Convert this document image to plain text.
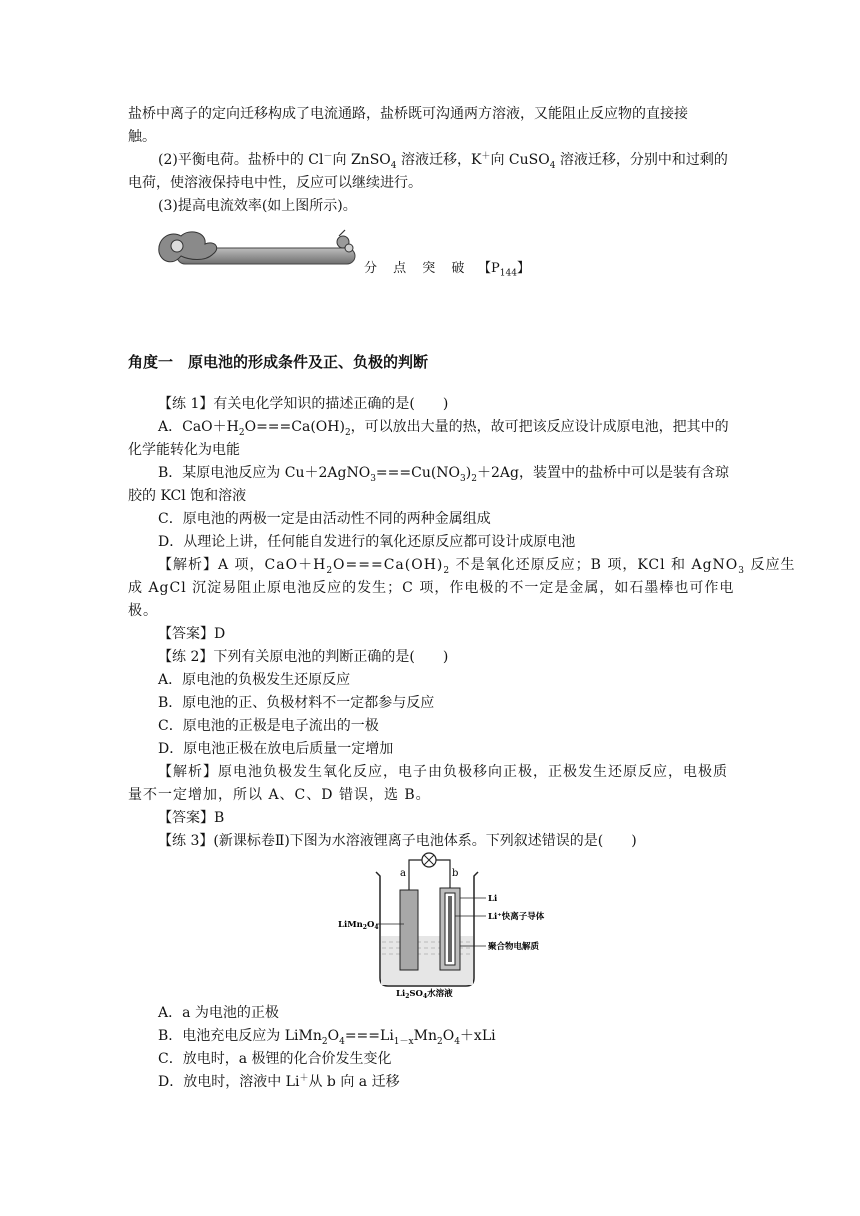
盐桥中离子的定向迁移构成了电流通路，盐桥既可沟通两方溶液，又能阻止反应物的直接接
触。
(2)平衡电荷。盐桥中的 Cl－向 ZnSO$_4$ 溶液迁移，K＋向 CuSO$_4$ 溶液迁移，分别中和过剩的
电荷，使溶液保持电中性，反应可以继续进行。
(3)提高电流效率(如上图所示)。
分 点 突 破 【$P_{144}$】
角度一　原电池的形成条件及正、负极的判断
【练 1】有关电化学知识的描述正确的是(　　)
A．$CaO+H_2O===Ca(OH)_2$，可以放出大量的热，故可把该反应设计成原电池，把其中的
化学能转化为电能
B．某原电池反应为 $Cu+2AgNO_3===Cu(NO_3)_2+2Ag$，装置中的盐桥中可以是装有含琼
胶的 KCl 饱和溶液
C．原电池的两极一定是由活动性不同的两种金属组成
D．从理论上讲，任何能自发进行的氧化还原反应都可设计成原电池
【解析】A 项，$CaO+H_2O===Ca(OH)_2$ 不是氧化还原反应；B 项，KCl 和 AgNO$_3$ 反应生
成 AgCl 沉淀易阻止原电池反应的发生；C 项，作电极的不一定是金属，如石墨棒也可作电
极。
【答案】D
【练 2】下列有关原电池的判断正确的是(　　)
A．原电池的负极发生还原反应
B．原电池的正、负极材料不一定都参与反应
C．原电池的正极是电子流出的一极
D．原电池正极在放电后质量一定增加
【解析】原电池负极发生氧化反应，电子由负极移向正极，正极发生还原反应，电极质
量不一定增加，所以 A、C、D 错误，选 B。
【答案】B
【练 3】(新课标卷Ⅱ)下图为水溶液锂离子电池体系。下列叙述错误的是(　　)
a	b
$LiMn_2O_4$
Li
Li⁺快离子导体
聚合物电解质
$Li_2SO_4$水溶液
A．a 为电池的正极
B．电池充电反应为 $LiMn_2O_4===Li_{1-x}Mn_2O_4+xLi$
C．放电时，a 极锂的化合价发生变化
D．放电时，溶液中 Li＋从 b 向 a 迁移
